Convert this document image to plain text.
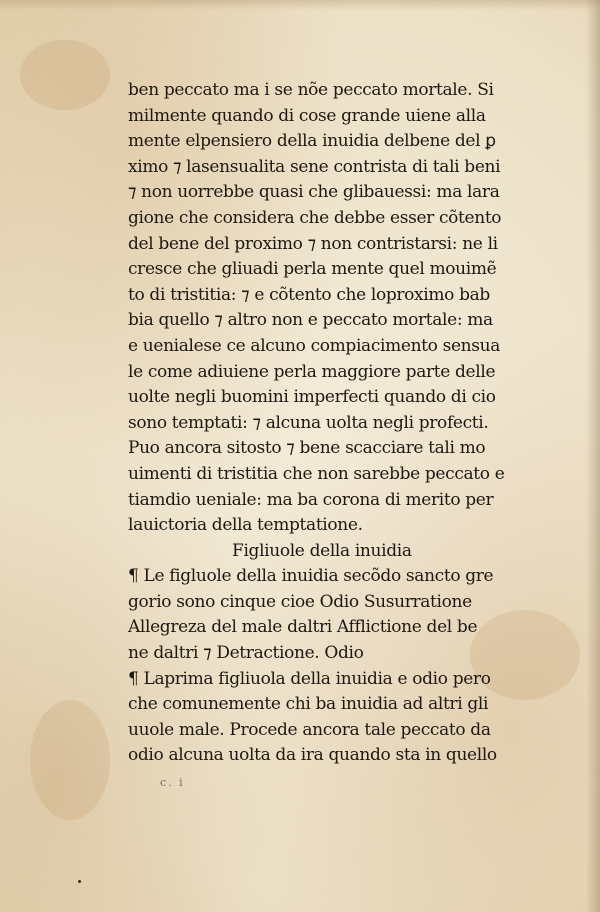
ben peccato ma i se nõe peccato mortale. Si
milmente quando di cose grande uiene alla
mente elpensiero della inuidia delbene del ꝑ
ximo ⁊ lasensualita sene contrista di tali beni
⁊ non uorrebbe quasi che glibauessi: ma lara
gione che considera che debbe esser cõtento
del bene del proximo ⁊ non contristarsi: ne li
cresce che gliuadi perla mente quel mouimẽ
to di tristitia: ⁊ e cõtento che loproximo bab
bia quello ⁊ altro non e peccato mortale: ma
e uenialese ce alcuno compiacimento sensua
le come adiuiene perla maggiore parte delle
uolte negli buomini imperfecti quando di cio
sono temptati: ⁊ alcuna uolta negli profecti.
Puo ancora sitosto ⁊ bene scacciare tali mo
uimenti di tristitia che non sarebbe peccato e
tiamdio ueniale: ma ba corona di merito per
lauictoria della temptatione.
Figliuole della inuidia
¶ Le figluole della inuidia secõdo sancto gre
gorio sono cinque cioe Odio Susurratione
Allegreza del male daltri Afflictione del be
ne daltri ⁊ Detractione. Odio
¶ Laprima figliuola della inuidia e odio pero
che comunemente chi ba inuidia ad altri gli
uuole male. Procede ancora tale peccato da
odio alcuna uolta da ira quando sta in quello
c. i
